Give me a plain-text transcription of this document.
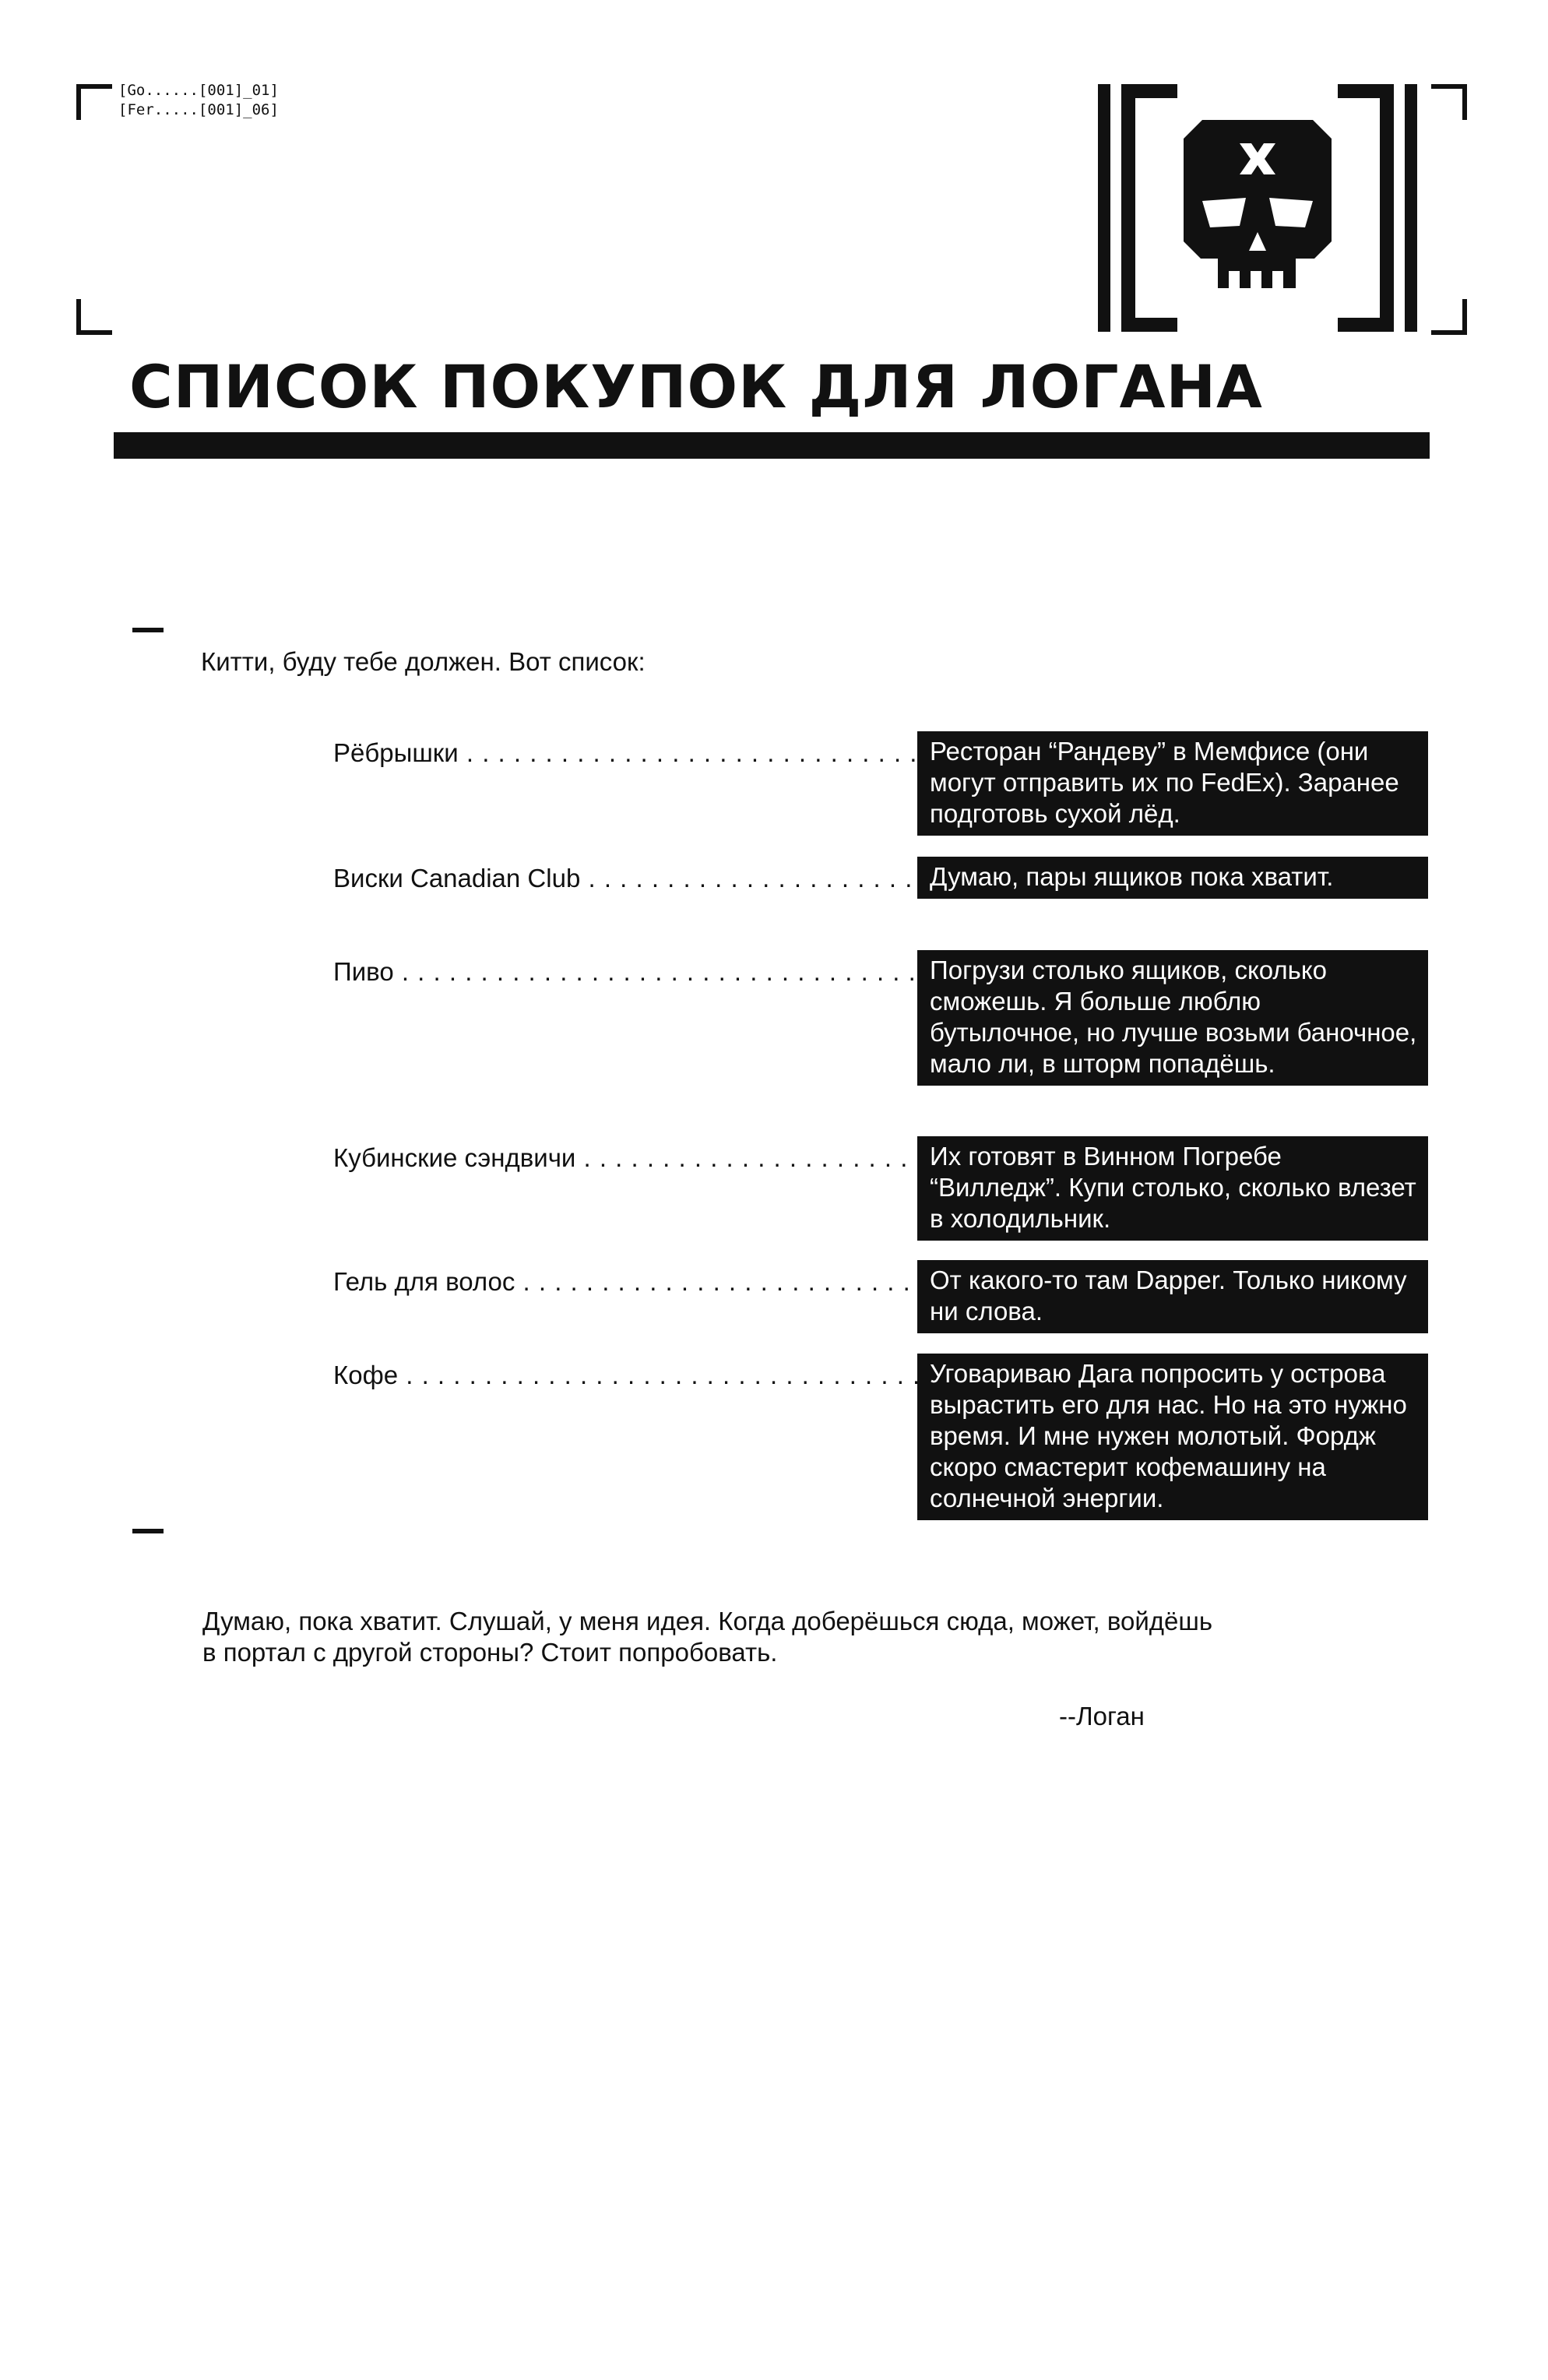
[Go......[001]_01]
[Fer.....[001]_06]
СПИСОК ПОКУПОК ДЛЯ ЛОГАНА
Китти, буду тебе должен. Вот список:
Рёбрышки . . .	Ресторан “Рандеву” в Мемфисе (они могут отправить их по FedEx). Заранее подготовь сухой лёд.
Виски Canadian Club . . .	Думаю, пары ящиков пока хватит.
Пиво . . .	Погрузи столько ящиков, сколько сможешь. Я больше люблю бутылочное, но лучше возьми баночное, мало ли, в шторм попадёшь.
Кубинские сэндвичи . . .	Их готовят в Винном Погребе “Вилледж”. Купи столько, сколько влезет в холодильник.
Гель для волос . . .	От какого-то там Dapper. Только никому ни слова.
Кофе . . .	Уговариваю Дага попросить у острова вырастить его для нас. Но на это нужно время. И мне нужен молотый. Фордж скоро смастерит кофемашину на солнечной энергии.
Думаю, пока хватит. Слушай, у меня идея. Когда доберёшься сюда, может, войдёшь в портал с другой стороны? Стоит попробовать.
--Логан
